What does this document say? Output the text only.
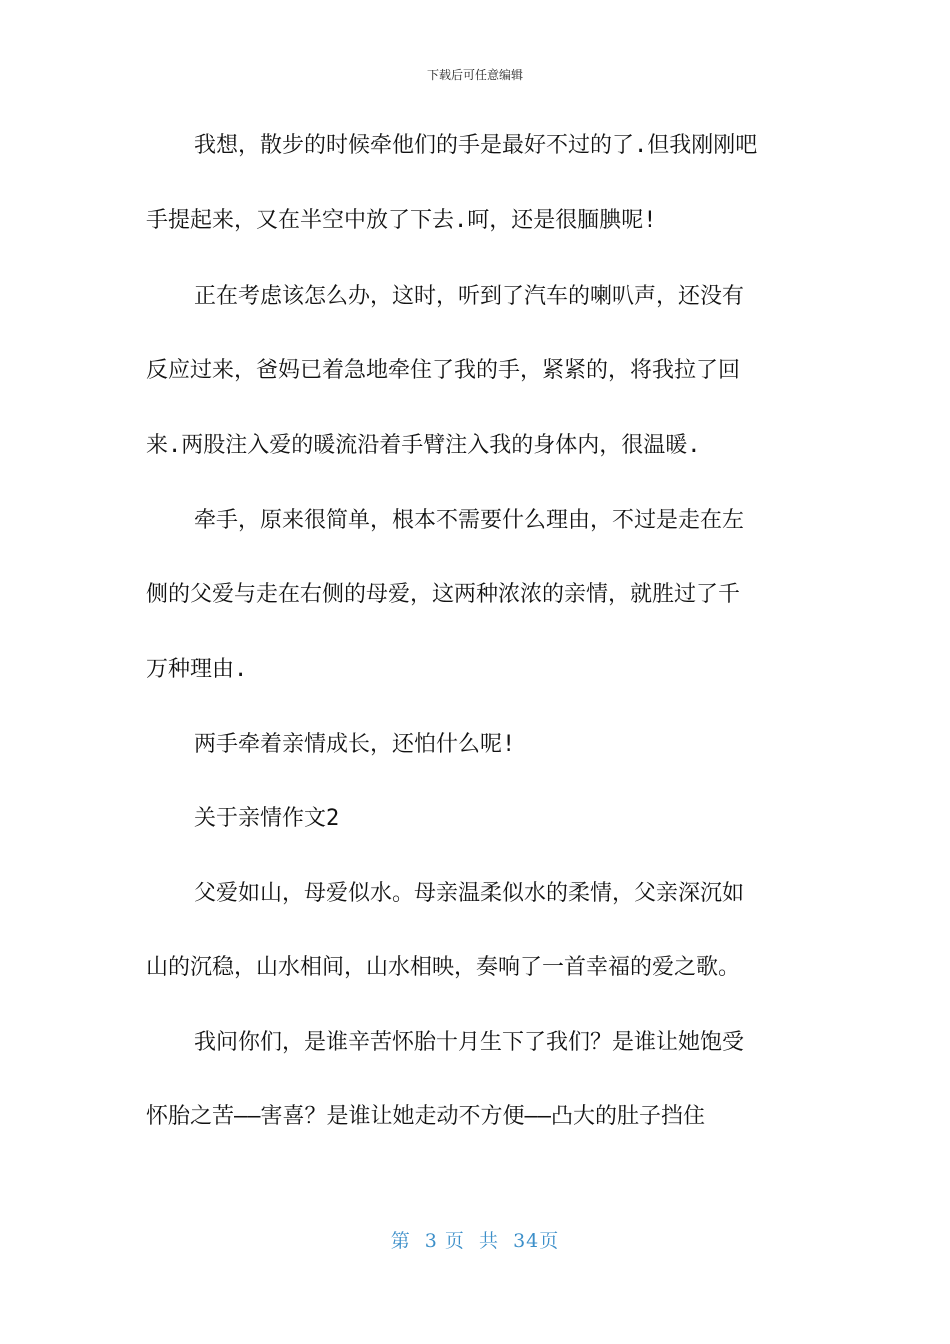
下载后可任意编辑
我想，散步的时候牵他们的手是最好不过的了.但我刚刚吧
手提起来，又在半空中放了下去.呵，还是很腼腆呢!
正在考虑该怎么办，这时，听到了汽车的喇叭声，还没有
反应过来，爸妈已着急地牵住了我的手，紧紧的，将我拉了回
来.两股注入爱的暖流沿着手臂注入我的身体内，很温暖.
牵手，原来很简单，根本不需要什么理由，不过是走在左
侧的父爱与走在右侧的母爱，这两种浓浓的亲情，就胜过了千
万种理由.
两手牵着亲情成长，还怕什么呢!
关于亲情作文2
父爱如山，母爱似水。母亲温柔似水的柔情，父亲深沉如
山的沉稳，山水相间，山水相映，奏响了一首幸福的爱之歌。
我问你们，是谁辛苦怀胎十月生下了我们？是谁让她饱受
怀胎之苦——害喜？是谁让她走动不方便——凸大的肚子挡住
第  3 页  共  34页
